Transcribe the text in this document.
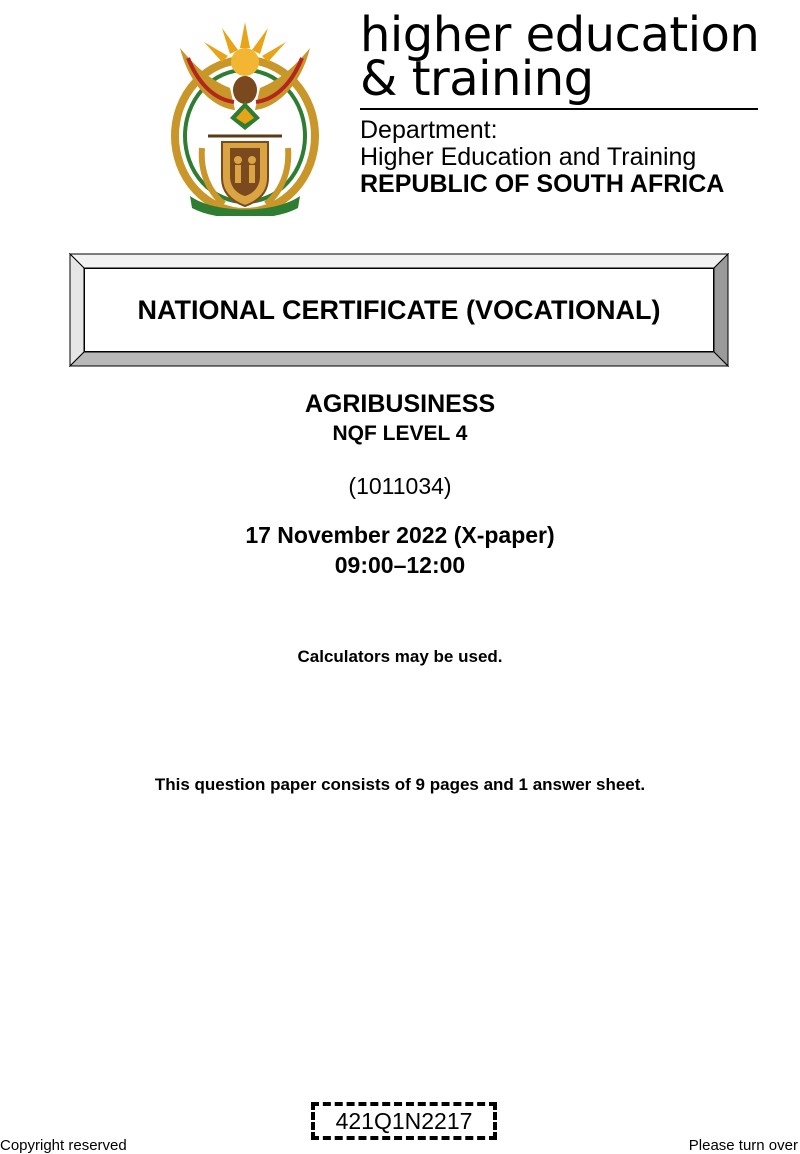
higher education
& training
Department:
Higher Education and Training
REPUBLIC OF SOUTH AFRICA
NATIONAL CERTIFICATE (VOCATIONAL)
AGRIBUSINESS
NQF LEVEL 4
(1011034)
17 November 2022 (X-paper)
09:00–12:00
Calculators may be used.
This question paper consists of 9 pages and 1 answer sheet.
421Q1N2217
Copyright reserved	Please turn over
